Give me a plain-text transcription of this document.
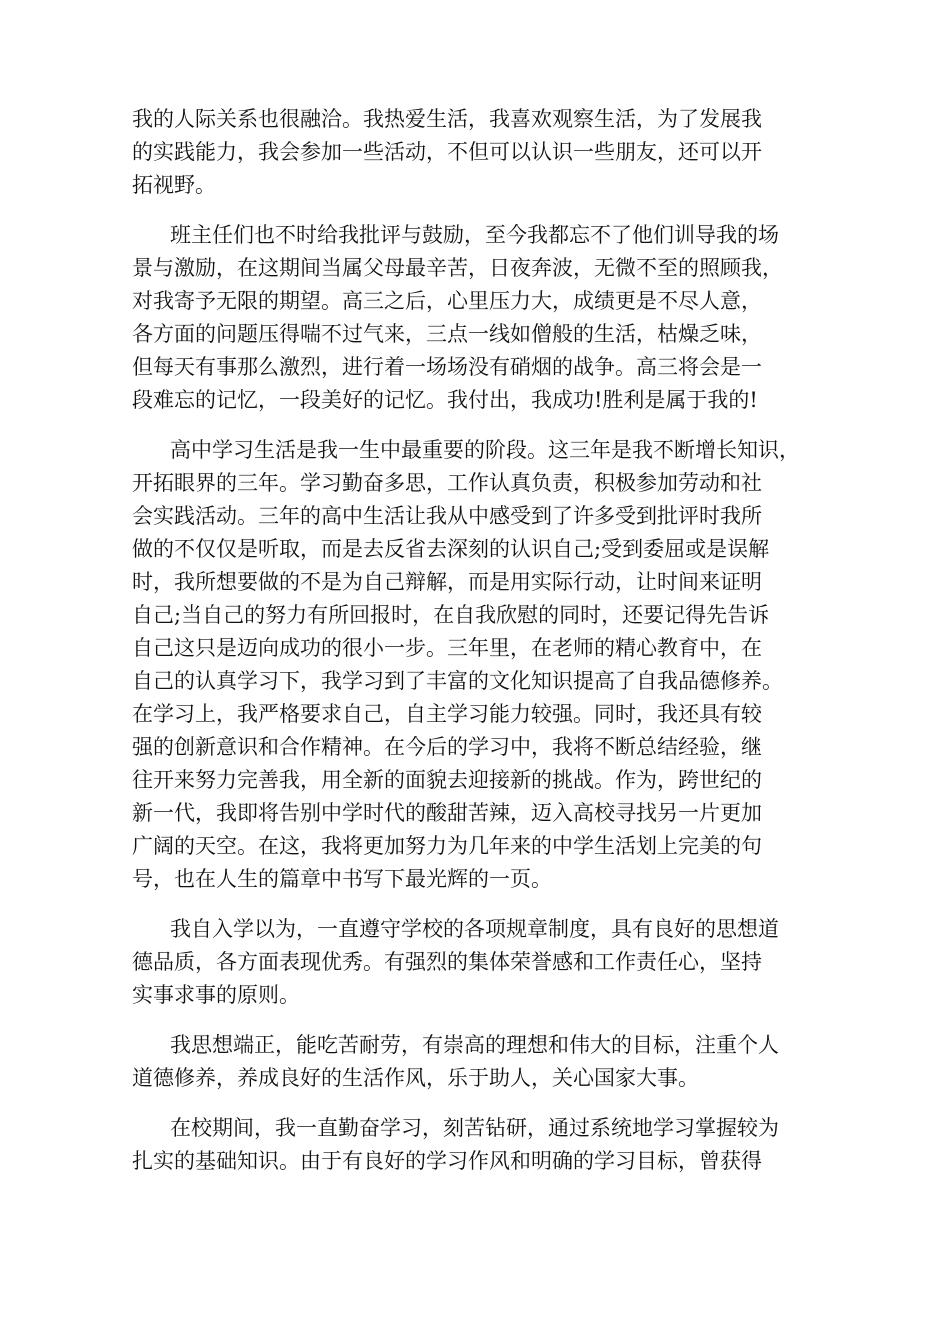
我的人际关系也很融洽。我热爱生活，我喜欢观察生活，为了发展我
的实践能力，我会参加一些活动，不但可以认识一些朋友，还可以开
拓视野。

班主任们也不时给我批评与鼓励，至今我都忘不了他们训导我的场
景与激励，在这期间当属父母最辛苦，日夜奔波，无微不至的照顾我，
对我寄予无限的期望。高三之后，心里压力大，成绩更是不尽人意，
各方面的问题压得喘不过气来，三点一线如僧般的生活，枯燥乏味，
但每天有事那么激烈，进行着一场场没有硝烟的战争。高三将会是一
段难忘的记忆，一段美好的记忆。我付出，我成功!胜利是属于我的!

高中学习生活是我一生中最重要的阶段。这三年是我不断增长知识，
开拓眼界的三年。学习勤奋多思，工作认真负责，积极参加劳动和社
会实践活动。三年的高中生活让我从中感受到了许多受到批评时我所
做的不仅仅是听取，而是去反省去深刻的认识自己;受到委屈或是误解
时，我所想要做的不是为自己辩解，而是用实际行动，让时间来证明
自己;当自己的努力有所回报时，在自我欣慰的同时，还要记得先告诉
自己这只是迈向成功的很小一步。三年里，在老师的精心教育中，在
自己的认真学习下，我学习到了丰富的文化知识提高了自我品德修养。
在学习上，我严格要求自己，自主学习能力较强。同时，我还具有较
强的创新意识和合作精神。在今后的学习中，我将不断总结经验，继
往开来努力完善我，用全新的面貌去迎接新的挑战。作为，跨世纪的
新一代，我即将告别中学时代的酸甜苦辣，迈入高校寻找另一片更加
广阔的天空。在这，我将更加努力为几年来的中学生活划上完美的句
号，也在人生的篇章中书写下最光辉的一页。

我自入学以为，一直遵守学校的各项规章制度，具有良好的思想道
德品质，各方面表现优秀。有强烈的集体荣誉感和工作责任心，坚持
实事求事的原则。

我思想端正，能吃苦耐劳，有崇高的理想和伟大的目标，注重个人
道德修养，养成良好的生活作风，乐于助人，关心国家大事。

在校期间，我一直勤奋学习，刻苦钻研，通过系统地学习掌握较为
扎实的基础知识。由于有良好的学习作风和明确的学习目标，曾获得
